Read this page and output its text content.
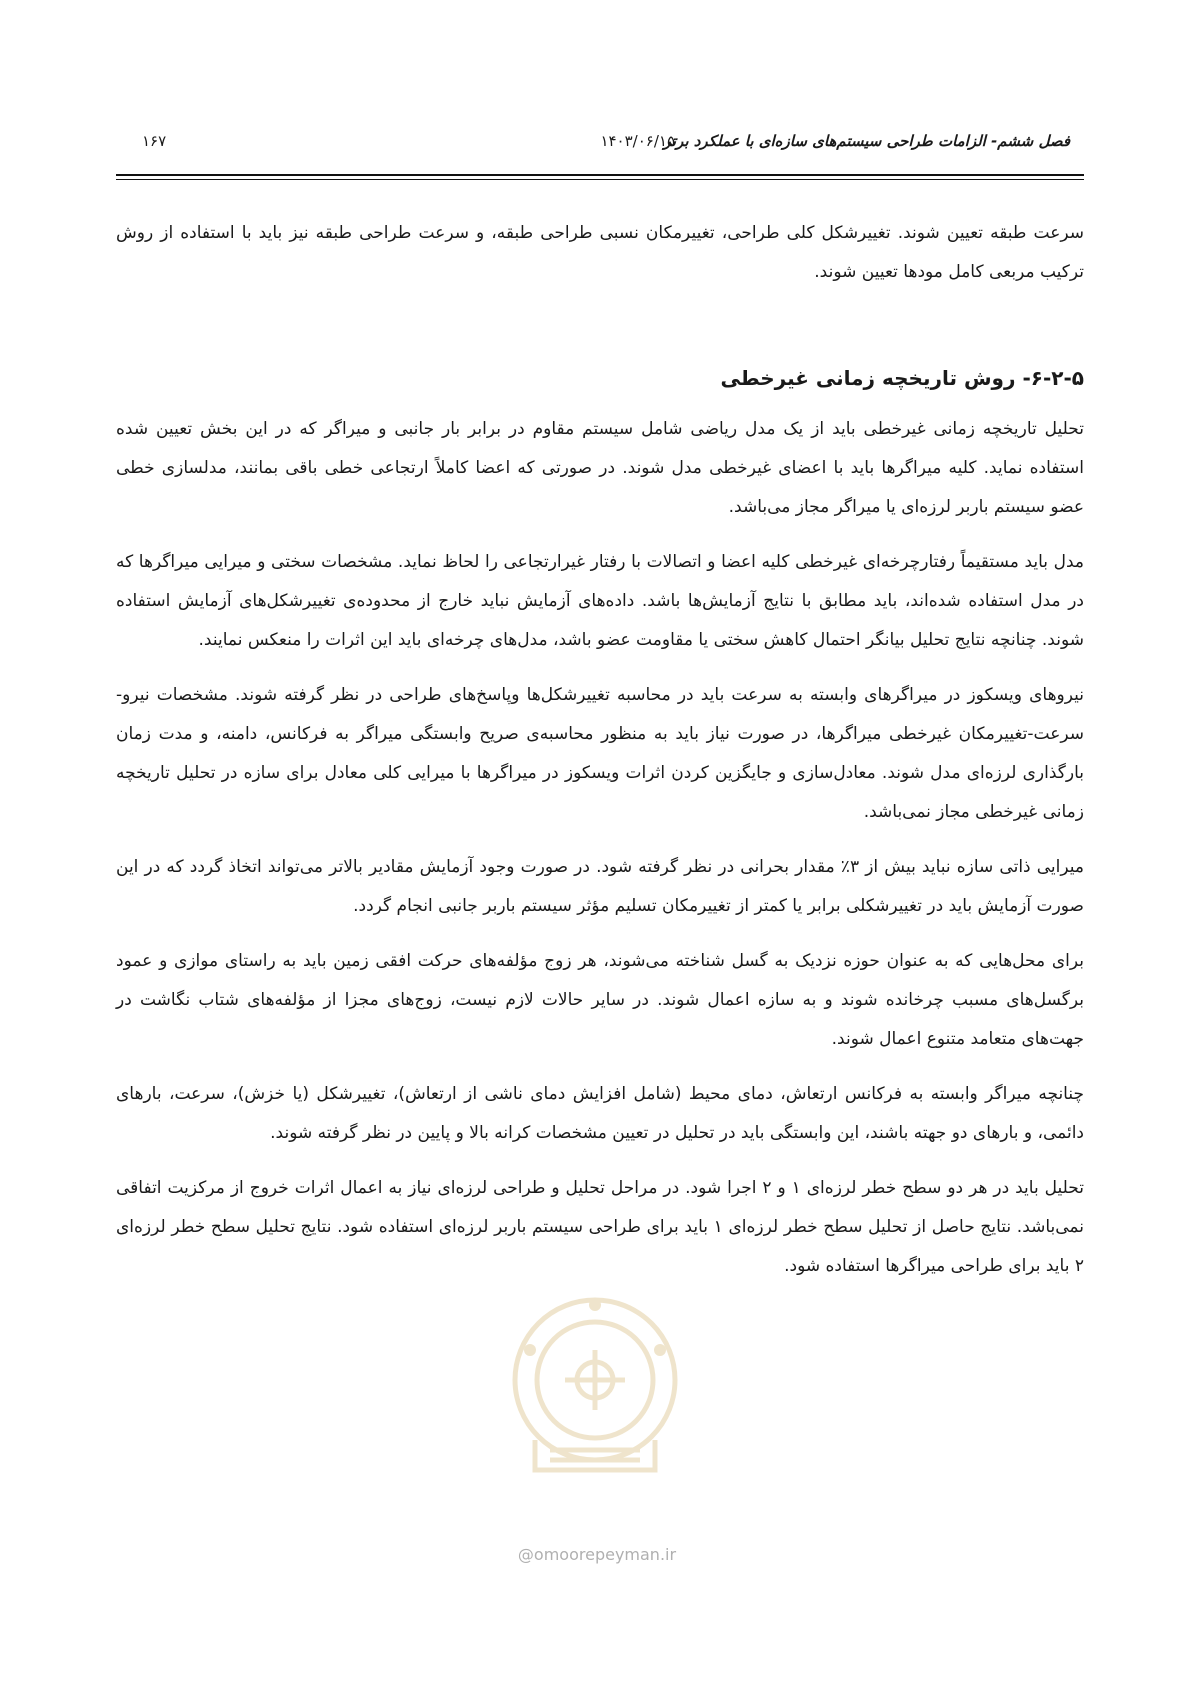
فصل ششم- الزامات طراحی سیستم‌های سازه‌ای با عملکرد برتر
۱۴۰۳/۰۶/۱۵
۱۶۷

سرعت طبقه تعیین شوند. تغییرشکل کلی طراحی، تغییرمکان نسبی طراحی طبقه، و سرعت طراحی طبقه نیز باید با استفاده از روش ترکیب مربعی کامل مودها تعیین شوند.

۶-۲-۵- روش تاریخچه زمانی غیرخطی

تحلیل تاریخچه زمانی غیرخطی باید از یک مدل ریاضی شامل سیستم مقاوم در برابر بار جانبی و میراگر که در این بخش تعیین شده استفاده نماید. کلیه میراگرها باید با اعضای غیرخطی مدل شوند. در صورتی که اعضا کاملاً ارتجاعی خطی باقی بمانند، مدلسازی خطی عضو سیستم باربر لرزه‌ای یا میراگر مجاز می‌باشد.

مدل باید مستقیماً رفتارچرخه‌ای غیرخطی کلیه اعضا و اتصالات با رفتار غیرارتجاعی را لحاظ نماید. مشخصات سختی و میرایی میراگرها که در مدل استفاده شده‌اند، باید مطابق با نتایج آزمایش‌ها باشد. داده‌های آزمایش نباید خارج از محدوده‌ی تغییرشکل‌های آزمایش استفاده شوند. چنانچه نتایج تحلیل بیانگر احتمال کاهش سختی یا مقاومت عضو باشد، مدل‌های چرخه‌ای باید این اثرات را منعکس نمایند.

نیروهای ویسکوز در میراگرهای وابسته به سرعت باید در محاسبه تغییرشکل‌ها وپاسخ‌های طراحی در نظر گرفته شوند. مشخصات نیرو-سرعت-تغییرمکان غیرخطی میراگرها، در صورت نیاز باید به منظور محاسبه‌ی صریح وابستگی میراگر به فرکانس، دامنه، و مدت زمان بارگذاری لرزه‌ای مدل شوند. معادل‌سازی و جایگزین کردن اثرات ویسکوز در میراگرها با میرایی کلی معادل برای سازه در تحلیل تاریخچه زمانی غیرخطی مجاز نمی‌باشد.

میرایی ذاتی سازه نباید بیش از ۳٪ مقدار بحرانی در نظر گرفته شود. در صورت وجود آزمایش مقادیر بالاتر می‌تواند اتخاذ گردد که در این صورت آزمایش باید در تغییرشکلی برابر یا کمتر از تغییرمکان تسلیم مؤثر سیستم باربر جانبی انجام گردد.

برای محل‌هایی که به عنوان حوزه نزدیک به گسل شناخته می‌شوند، هر زوج مؤلفه‌های حرکت افقی زمین باید به راستای موازی و عمود برگسل‌های مسبب چرخانده شوند و به سازه اعمال شوند. در سایر حالات لازم نیست، زوج‌های مجزا از مؤلفه‌های شتاب نگاشت در جهت‌های متعامد متنوع اعمال شوند.

چنانچه میراگر وابسته به فرکانس ارتعاش، دمای محیط (شامل افزایش دمای ناشی از ارتعاش)، تغییرشکل (یا خزش)، سرعت، بارهای دائمی، و بارهای دو جهته باشند، این وابستگی باید در تحلیل در تعیین مشخصات کرانه بالا و پایین در نظر گرفته شوند.

تحلیل باید در هر دو سطح خطر لرزه‌ای ۱ و ۲ اجرا شود. در مراحل تحلیل و طراحی لرزه‌ای نیاز به اعمال اثرات خروج از مرکزیت اتفاقی نمی‌باشد. نتایج حاصل از تحلیل سطح خطر لرزه‌ای ۱ باید برای طراحی سیستم باربر لرزه‌ای استفاده شود. نتایج تحلیل سطح خطر لرزه‌ای ۲ باید برای طراحی میراگرها استفاده شود.

@omoorepeyman.ir
